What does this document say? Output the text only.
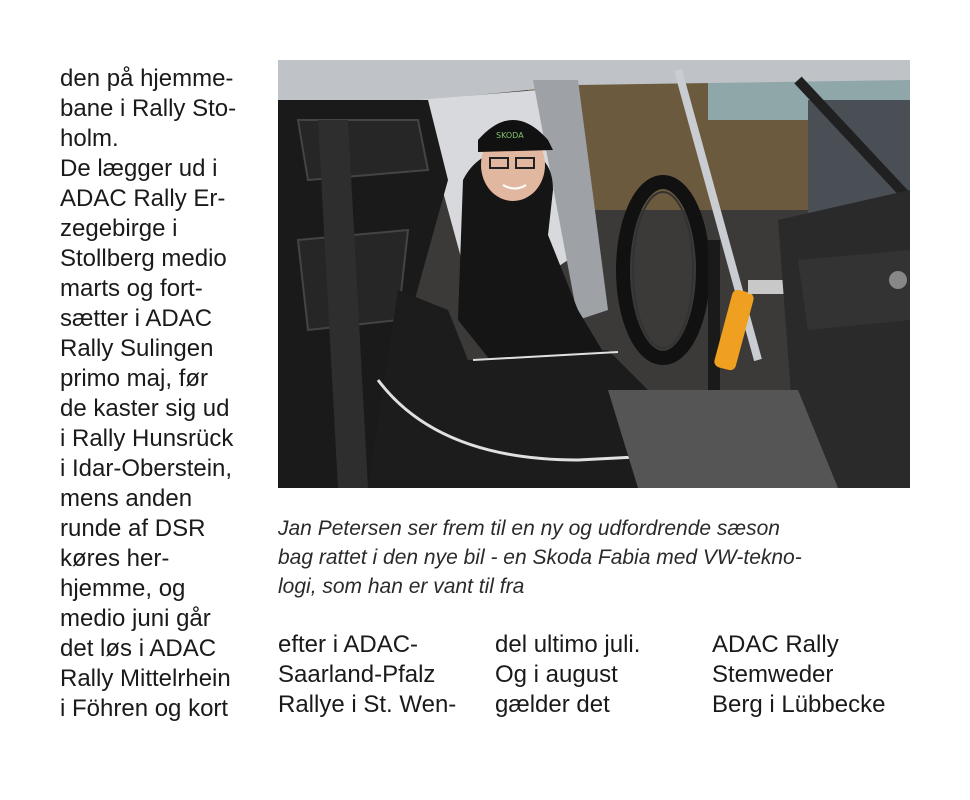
den på hjemme-
bane i Rally Sto-
holm.
De lægger ud i
ADAC Rally Er-
zegebirge i
Stollberg medio
marts og fort-
sætter i ADAC
Rally Sulingen
primo maj, før
de kaster sig ud
i Rally Hunsrück
i Idar-Oberstein,
mens anden
runde af DSR
køres her-
hjemme, og
medio juni går
det løs i ADAC
Rally Mittelrhein
i Föhren og kort
SKODA
Jan Petersen ser frem til en ny og udfordrende sæson
bag rattet i den nye bil - en Skoda Fabia med VW-tekno-
logi, som han er vant til fra
efter i ADAC-
Saarland-Pfalz
Rallye i St. Wen-
del ultimo juli.
Og i august
gælder det
ADAC Rally
Stemweder
Berg i Lübbecke
